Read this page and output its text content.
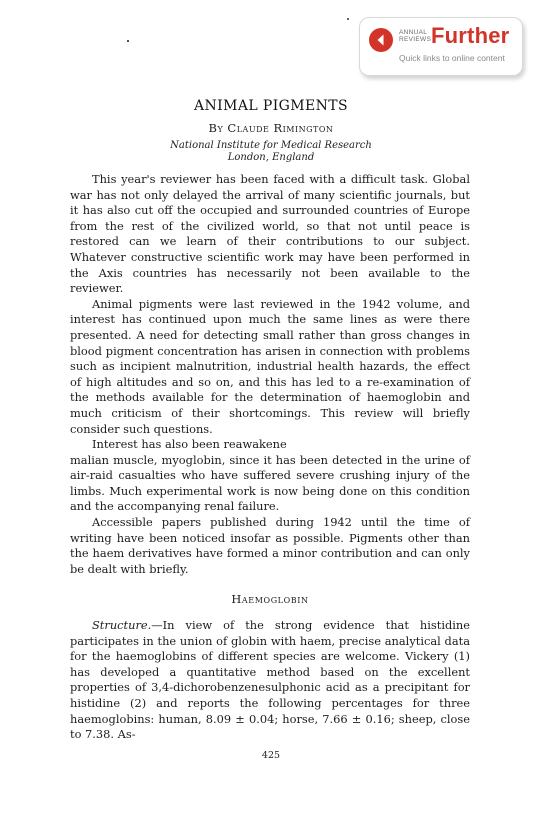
ANNUAL
REVIEWS Further
Quick links to online content
ANIMAL PIGMENTS
By Claude Rimington
National Institute for Medical Research
London, England

This year's reviewer has been faced with a difficult task. Global war has not only delayed the arrival of many scientific journals, but it has also cut off the occupied and surrounded countries of Europe from the rest of the civilized world, so that not until peace is restored can we learn of their contributions to our subject. Whatever constructive scientific work may have been performed in the Axis countries has necessarily not been available to the reviewer.

Animal pigments were last reviewed in the 1942 volume, and interest has continued upon much the same lines as were there presented. A need for detecting small rather than gross changes in blood pigment concentration has arisen in connection with problems such as incipient malnutrition, industrial health hazards, the effect of high altitudes and so on, and this has led to a re-examination of the methods available for the determination of haemoglobin and much criticism of their shortcomings. This review will briefly consider such questions.

Interest has also been reawakene

malian muscle, myoglobin, since it has been detected in the urine of air-raid casualties who have suffered severe crushing injury of the limbs. Much experimental work is now being done on this condition and the accompanying renal failure.

Accessible papers published during 1942 until the time of writing have been noticed insofar as possible. Pigments other than the haem derivatives have formed a minor contribution and can only be dealt with briefly.

Haemoglobin

Structure.—In view of the strong evidence that histidine participates in the union of globin with haem, precise analytical data for the haemoglobins of different species are welcome. Vickery (1) has developed a quantitative method based on the excellent properties of 3,4-dichorobenzenesulphonic acid as a precipitant for histidine (2) and reports the following percentages for three haemoglobins: human, 8.09 ± 0.04; horse, 7.66 ± 0.16; sheep, close to 7.38. As-

425
